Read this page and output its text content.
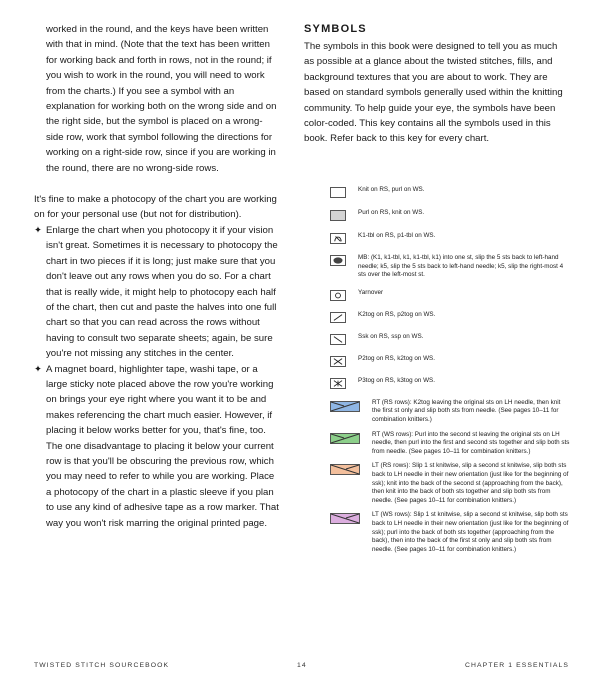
worked in the round, and the keys have been written with that in mind. (Note that the text has been written for working back and forth in rows, not in the round; if you wish to work in the round, you will need to work from the charts.) If you see a symbol with an explanation for working both on the wrong side and on the right side, but the symbol is placed on a wrong-side row, work that symbol following the directions for working on a right-side row, since if you are working in the round, there are no wrong-side rows.

It's fine to make a photocopy of the chart you are working on for your personal use (but not for distribution).

✦ Enlarge the chart when you photocopy it if your vision isn't great. Sometimes it is necessary to photocopy the chart in two pieces if it is long; just make sure that you don't leave out any rows when you do so. For a chart that is really wide, it might help to photocopy each half of the chart, then cut and paste the halves into one full chart so that you can read across the rows without having to consult two separate sheets; again, be sure you're not missing any stitches in the center.
✦ A magnet board, highlighter tape, washi tape, or a large sticky note placed above the row you're working on brings your eye right where you want it to be and makes referencing the chart much easier. However, if placing it below works better for you, that's fine, too. The one disadvantage to placing it below your current row is that you'll be obscuring the previous row, which you may need to refer to while you are working. Place a photocopy of the chart in a plastic sleeve if you plan to use any kind of adhesive tape as a row marker. That way you won't risk marring the original printed page.
SYMBOLS

The symbols in this book were designed to tell you as much as possible at a glance about the twisted stitches, fills, and background textures that you are about to work. They are based on standard symbols generally used within the knitting community. To help guide your eye, the symbols have been color-coded. This key contains all the symbols used in this book. Refer back to this key for every chart.

Knit on RS, purl on WS.
Purl on RS, knit on WS.
K1-tbl on RS, p1-tbl on WS.
MB: (K1, k1-tbl, k1, k1-tbl, k1) into one st, slip the 5 sts back to left-hand needle; k5, slip the 5 sts back to left-hand needle; k5, slip the right-most 4 sts over the left-most st.
Yarnover
K2tog on RS, p2tog on WS.
Ssk on RS, ssp on WS.
P2tog on RS, k2tog on WS.
P3tog on RS, k3tog on WS.
RT (RS rows): K2tog leaving the original sts on LH needle, then knit the first st only and slip both sts from needle. (See pages 10–11 for combination knitters.)
RT (WS rows): Purl into the second st leaving the original sts on LH needle, then purl into the first and second sts together and slip both sts from needle. (See pages 10–11 for combination knitters.)
LT (RS rows): Slip 1 st knitwise, slip a second st knitwise, slip both sts back to LH needle in their new orientation (just like for the beginning of ssk); knit into the back of the second st (approaching from the back), then knit into the back of both sts together and slip both sts from needle. (See pages 10–11 for combination knitters.)
LT (WS rows): Slip 1 st knitwise, slip a second st knitwise, slip both sts back to LH needle in their new orientation (just like for the beginning of ssk); purl into the back of both sts together (approaching from the back), then into the back of the first st only and slip both sts from needle. (See pages 10–11 for combination knitters.)
TWISTED STITCH SOURCEBOOK	14	CHAPTER 1 ESSENTIALS
